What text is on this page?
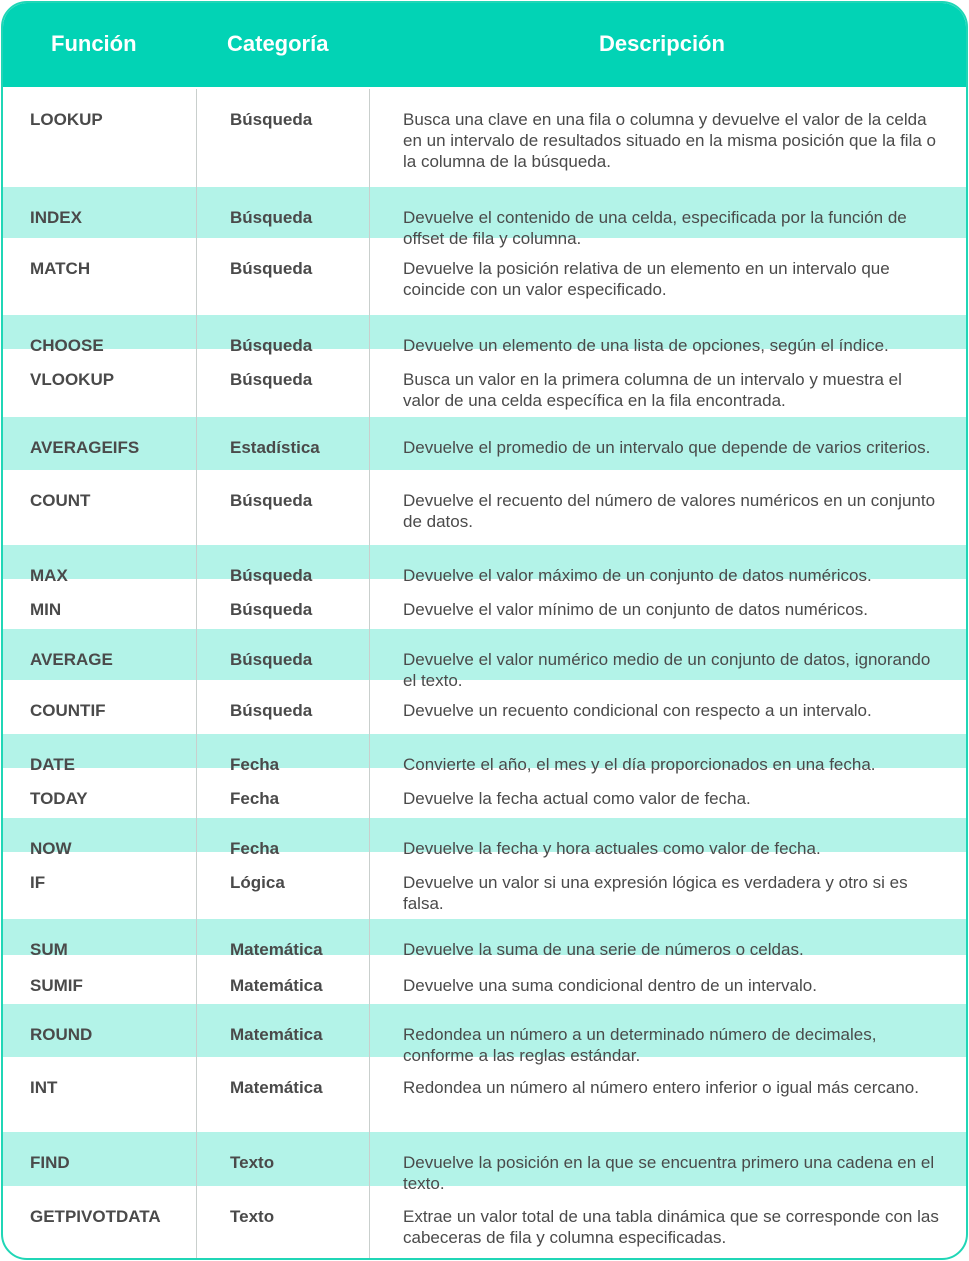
Función	Categoría	Descripción
LOOKUP	Búsqueda	Busca una clave en una fila o columna y devuelve el valor de la celda en un intervalo de resultados situado en la misma posición que la fila o la columna de la búsqueda.
INDEX	Búsqueda	Devuelve el contenido de una celda, especificada por la función de offset de fila y columna.
MATCH	Búsqueda	Devuelve la posición relativa de un elemento en un intervalo que coincide con un valor especificado.
CHOOSE	Búsqueda	Devuelve un elemento de una lista de opciones, según el índice.
VLOOKUP	Búsqueda	Busca un valor en la primera columna de un intervalo y muestra el valor de una celda específica en la fila encontrada.
AVERAGEIFS	Estadística	Devuelve el promedio de un intervalo que depende de varios criterios.
COUNT	Búsqueda	Devuelve el recuento del número de valores numéricos en un conjunto de datos.
MAX	Búsqueda	Devuelve el valor máximo de un conjunto de datos numéricos.
MIN	Búsqueda	Devuelve el valor mínimo de un conjunto de datos numéricos.
AVERAGE	Búsqueda	Devuelve el valor numérico medio de un conjunto de datos, ignorando el texto.
COUNTIF	Búsqueda	Devuelve un recuento condicional con respecto a un intervalo.
DATE	Fecha	Convierte el año, el mes y el día proporcionados en una fecha.
TODAY	Fecha	Devuelve la fecha actual como valor de fecha.
NOW	Fecha	Devuelve la fecha y hora actuales como valor de fecha.
IF	Lógica	Devuelve un valor si una expresión lógica es verdadera y otro si es falsa.
SUM	Matemática	Devuelve la suma de una serie de números o celdas.
SUMIF	Matemática	Devuelve una suma condicional dentro de un intervalo.
ROUND	Matemática	Redondea un número a un determinado número de decimales, conforme a las reglas estándar.
INT	Matemática	Redondea un número al número entero inferior o igual más cercano.
FIND	Texto	Devuelve la posición en la que se encuentra primero una cadena en el texto.
GETPIVOTDATA	Texto	Extrae un valor total de una tabla dinámica que se corresponde con las cabeceras de fila y columna especificadas.
